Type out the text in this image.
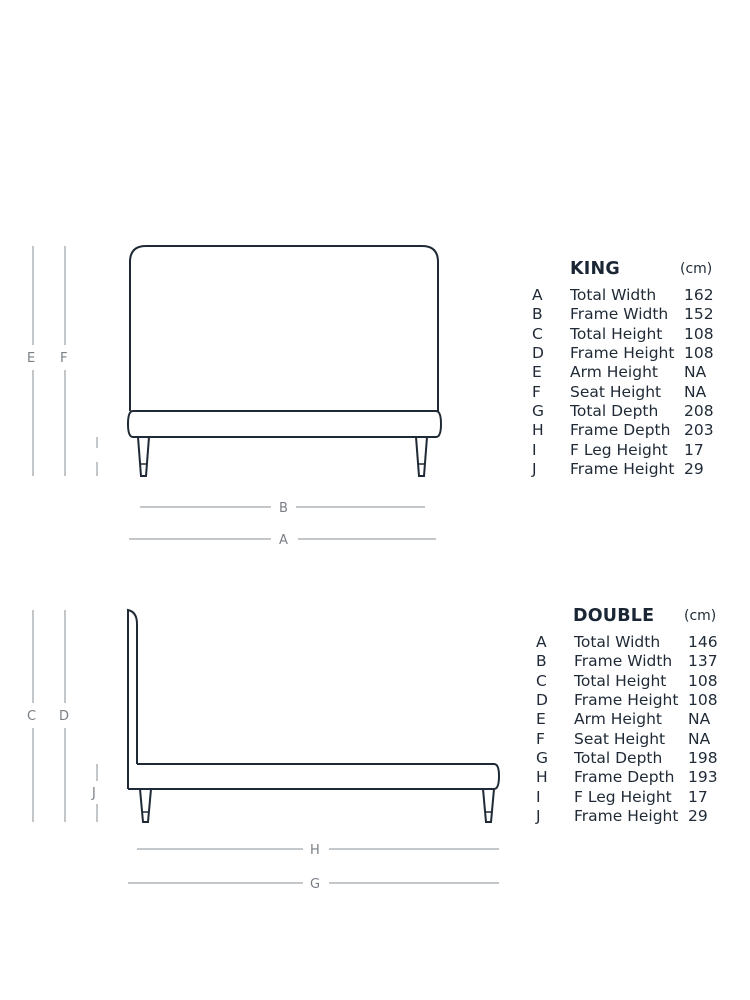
E F
B
A
C D
J
H
G
KING	(cm)
A Total Width 162
B Frame Width 152
C Total Height 108
D Frame Height 108
E Arm Height NA
F Seat Height NA
G Total Depth 208
H Frame Depth 203
I F Leg Height 17
J Frame Height 29
DOUBLE (cm)
A Total Width 146
B Frame Width 137
C Total Height 108
D Frame Height 108
E Arm Height NA
F Seat Height NA
G Total Depth 198
H Frame Depth 193
I F Leg Height 17
J Frame Height 29
